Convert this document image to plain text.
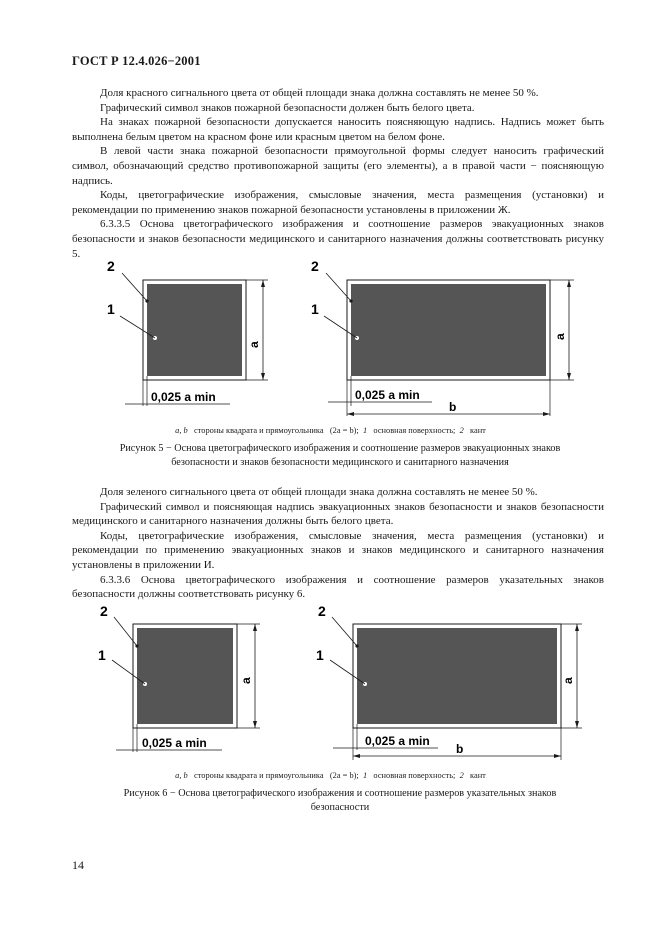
ГОСТ Р 12.4.026−2001

Доля красного сигнального цвета от общей площади знака должна составлять не менее 50 %.

Графический символ знаков пожарной безопасности должен быть белого цвета.

На знаках пожарной безопасности допускается наносить поясняющую надпись. Надпись может быть выполнена белым цветом на красном фоне или красным цветом на белом фоне.

В левой части знака пожарной безопасности прямоугольной формы следует наносить графический символ, обозначающий средство противопожарной защиты (его элементы), а в правой части − поясняющую надпись.

Коды, цветографические изображения, смысловые значения, места размещения (установки) и рекомендации по применению знаков пожарной безопасности установлены в приложении Ж.

6.3.3.5 Основа цветографического изображения и соотношение размеров эвакуационных знаков безопасности и знаков безопасности медицинского и санитарного назначения должны соответствовать рисунку 5.

2
1
a
0,025 a min
2
1
a
0,025 a min
b
a, b стороны квадрата и прямоугольника (2a = b); 1 основная поверхность; 2 кант
Рисунок 5 − Основа цветографического изображения и соотношение размеров эвакуационных знаков
безопасности и знаков безопасности медицинского и санитарного назначения

Доля зеленого сигнального цвета от общей площади знака должна составлять не менее 50 %.

Графический символ и поясняющая надпись эвакуационных знаков безопасности и знаков безопасности медицинского и санитарного назначения должны быть белого цвета.

Коды, цветографические изображения, смысловые значения, места размещения (установки) и рекомендации по применению эвакуационных знаков и знаков медицинского и санитарного назначения установлены в приложении И.

6.3.3.6 Основа цветографического изображения и соотношение размеров указательных знаков безопасности должны соответствовать рисунку 6.

2
1
a
0,025 a min
2
1
a
0,025 a min
b
a, b стороны квадрата и прямоугольника (2a = b); 1 основная поверхность; 2 кант
Рисунок 6 − Основа цветографического изображения и соотношение размеров указательных знаков
безопасности
14
